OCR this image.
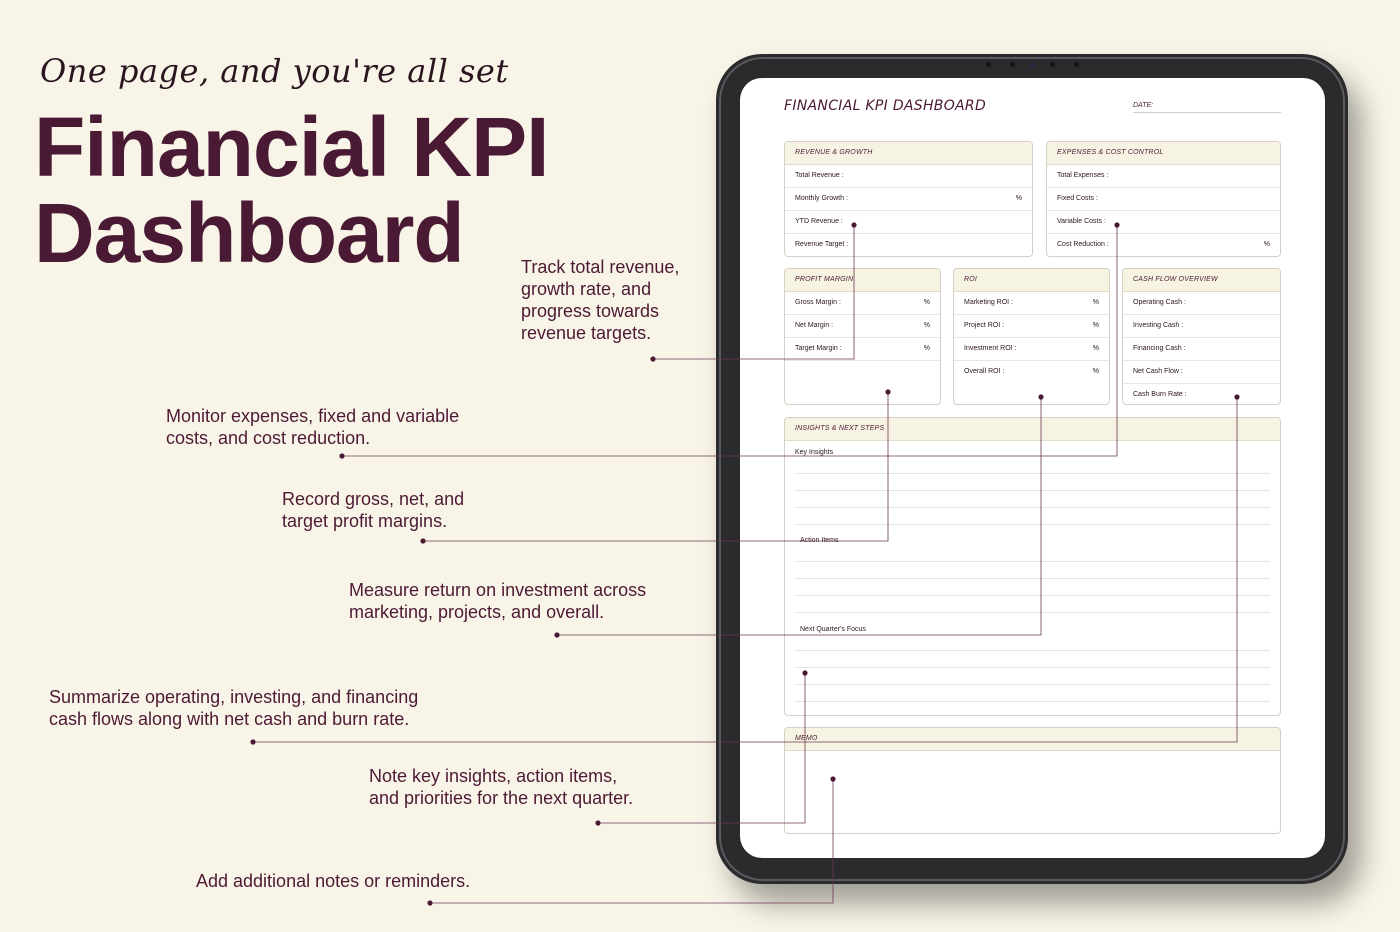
One page, and you're all set
Financial KPI
Dashboard	Track total revenue,
growth rate, and
progress towards
revenue targets.
Monitor expenses, fixed and variable
costs, and cost reduction.
Record gross, net, and
target profit margins.
Measure return on investment across
marketing, projects, and overall.
Summarize operating, investing, and financing
cash flows along with net cash and burn rate.
Note key insights, action items,
and priorities for the next quarter.
Add additional notes or reminders.
FINANCIAL KPI DASHBOARD	DATE:
REVENUE & GROWTH
Total Revenue :
Monthly Growth :	%
YTD Revenue :
Revenue Target :
EXPENSES & COST CONTROL
Total Expenses :
Fixed Costs :
Variable Costs :
Cost Reduction :	%
PROFIT MARGIN
Gross Margin :	%
Net Margin :	%
Target Margin :	%
ROI
Marketing ROI :	%
Project ROI :	%
Investment ROI :	%
Overall ROI :	%
CASH FLOW OVERVIEW
Operating Cash :
Investing Cash :
Financing Cash :
Net Cash Flow :
Cash Burn Rate :
INSIGHTS & NEXT STEPS
Key Insights
Action Items
Next Quarter's Focus
MEMO
